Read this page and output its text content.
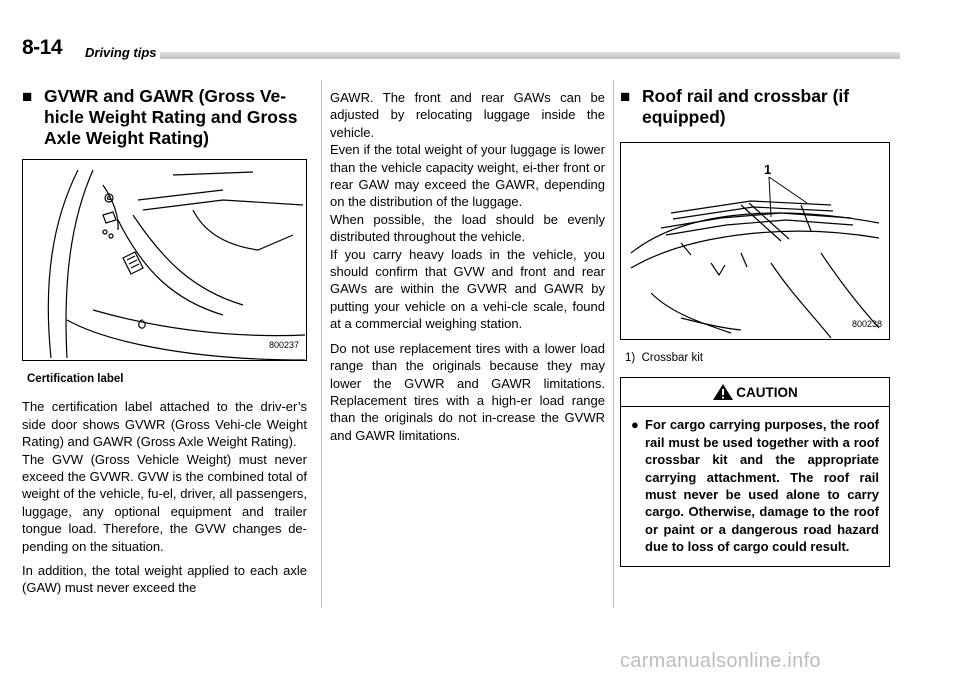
8-14 Driving tips
■ GVWR and GAWR (Gross Ve-hicle Weight Rating and Gross Axle Weight Rating)
800237
Certification label

The certification label attached to the driv-er’s side door shows GVWR (Gross Vehi-cle Weight Rating) and GAWR (Gross Axle Weight Rating).
The GVW (Gross Vehicle Weight) must never exceed the GVWR. GVW is the combined total of weight of the vehicle, fu-el, driver, all passengers, luggage, any optional equipment and trailer tongue load. Therefore, the GVW changes de-pending on the situation.

In addition, the total weight applied to each axle (GAW) must never exceed the

GAWR. The front and rear GAWs can be adjusted by relocating luggage inside the vehicle.
Even if the total weight of your luggage is lower than the vehicle capacity weight, ei-ther front or rear GAW may exceed the GAWR, depending on the distribution of the luggage.
When possible, the load should be evenly distributed throughout the vehicle.
If you carry heavy loads in the vehicle, you should confirm that GVW and front and rear GAWs are within the GVWR and GAWR by putting your vehicle on a vehi-cle scale, found at a commercial weighing station.

Do not use replacement tires with a lower load range than the originals because they may lower the GVWR and GAWR limitations. Replacement tires with a high-er load range than the originals do not in-crease the GVWR and GAWR limitations.

■ Roof rail and crossbar (if equipped)
1
800238
1)  Crossbar kit
CAUTION
● For cargo carrying purposes, the roof rail must be used together with a roof crossbar kit and the appropriate carrying attachment. The roof rail must never be used alone to carry cargo. Otherwise, damage to the roof or paint or a dangerous road hazard due to loss of cargo could result.
carmanualsonline.info
